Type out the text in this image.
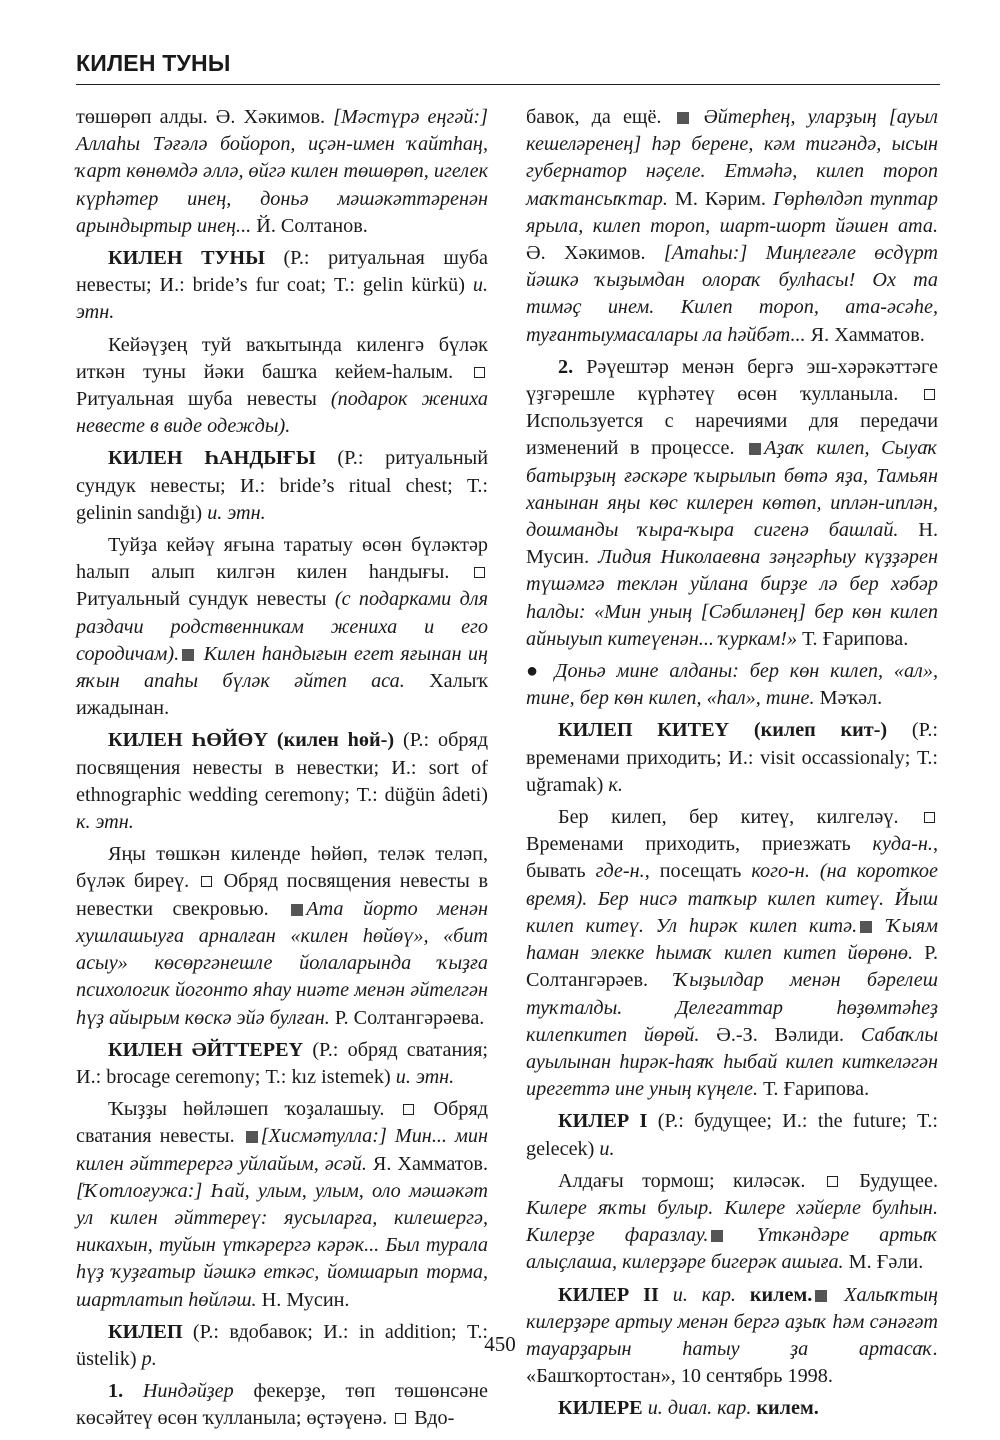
КИЛЕН ТУНЫ

төшөрөп алды. Ә. Хәкимов. [Мәстүрә еңгәй:] Аллаһы Тәғәлә бойороп, иҫән-имен ҡайтһаң, ҡарт көнөмдә әллә, өйгә килен төшөрөп, игелек күрһәтер инең, доньә мәшәкәттәренән арындыртыр инең... Й. Солтанов.

КИЛЕН ТУНЫ (Р.: ритуальная шуба невесты; И.: bride’s fur coat; Т.: gelin kürkü) и. этн.

Кейәүҙең туй ваҡытында киленгә бүләк иткән туны йәки башҡа кейем-һалым.  Ритуальная шуба невесты (подарок жениха невесте в виде одежды).

КИЛЕН ҺАНДЫҒЫ (Р.: ритуальный сундук невесты; И.: bride’s ritual chest; Т.: gelinin sandığı) и. этн.

Туйҙа кейәү яғына таратыу өсөн бүләктәр һалып алып килгән килен һандығы.  Ритуальный сундук невесты (с подарками для раздачи родственникам жениха и его сородичам). Килен һандығын егет яғынан иң яҡын апаһы бүләк әйтеп аса. Халыҡ ижадынан.

КИЛЕН ҺӨЙӨҮ (килен һөй-) (Р.: обряд посвящения невесты в невестки; И.: sort of ethnographic wedding ceremony; Т.: düğün âdeti) к. этн.

Яңы төшкән киленде һөйөп, теләк теләп, бүләк биреү.  Обряд посвящения невесты в невестки свекровью. Ата йорто менән хушлашыуға арналған «килен һөйөү», «бит асыу» көсөргәнешле йолаларында ҡыҙға психологик йогонто яһау ниәте менән әйтелгән һүҙ айырым көскә эйә булған. Р. Солтангәрәева.

КИЛЕН ӘЙТТЕРЕҮ (Р.: обряд сватания; И.: brocage ceremony; Т.: kız istemek) и. этн.

Ҡыҙҙы һөйләшеп ҡоҙалашыу.  Обряд сватания невесты. [Хисмәтулла:] Мин... мин килен әйттерергә уйлайым, әсәй. Я. Хамматов. [Ҡотлоғужа:] Һай, улым, улым, оло мәшәкәт ул килен әйттереү: яусыларға, килешергә, никахын, туйын үткәрергә кәрәк... Был турала һүҙ ҡуҙғатыр йәшкә еткәс, йомшарып торма, шартлатып һөйләш. Н. Мусин.

КИЛЕП (Р.: вдобавок; И.: in addition; Т.: üstelik) р.

1. Ниндәйҙер фекерҙе, төп төшөнсәне көсәйтеү өсөн ҡулланыла; өҫтәүенә.  Вдо-

бавок, да ещё.  Әйтерһең, уларҙың [ауыл кешеләренең] һәр берене, кәм тигәндә, ысын губернатор нәҫеле. Етмәһә, килеп тороп маҡтансыҡтар. М. Кәрим. Гөрһөлдәп туптар ярыла, килеп тороп, шарт-шорт йәшен ата. Ә. Хәкимов. [Атаһы:] Миңлеғәле өсдүрт йәшкә ҡыҙымдан олораҡ булһасы! Ох та тимәҫ инем. Килеп тороп, ата-әсәһе, туғантыумасалары ла һәйбәт... Я. Хамматов.

2. Рәүештәр менән бергә эш-хәрәкәттәге үҙгәрешле күрһәтеү өсөн ҡулланыла.  Используется с наречиями для передачи изменений в процессе. Аҙаҡ килеп, Сыуаҡ батырҙың ғәскәре ҡырылып бөтә яҙа, Тамьян ханынан яңы көс килерен көтөп, иплән-иплән, дошманды ҡыра-ҡыра сигенә башлай. Н. Мусин. Лидия Николаевна зәңгәрһыу күҙҙәрен түшәмгә теклән уйлана бирҙе лә бер хәбәр һалды: «Мин уның [Сәбиләнең] бер көн килеп айныуып китеүенән... ҡуркам!» Т. Ғарипова.

● Доньә мине алданы: бер көн килеп, «ал», тине, бер көн килеп, «һал», тине. Мәҡәл.

КИЛЕП КИТЕҮ (килеп кит-) (Р.: временами приходить; И.: visit occassionaly; Т.: uğramak) к.

Бер килеп, бер китеү, килгеләү.  Временами приходить, приезжать куда-н., бывать где-н., посещать кого-н. (на короткое время). Бер нисә тапҡыр килеп китеү. Йыш килеп китеү. Ул һирәк килеп китә. Ҡыям һаман элекке һымаҡ килеп китеп йөрөнө. Р. Солтангәрәев. Ҡыҙылдар менән бәрелеш туҡталды. Делегаттар һөҙөмтәһеҙ килепкитеп йөрөй. Ә.-З. Вәлиди. Сабаҡлы ауылынан һирәк-һаяҡ һыбай килеп киткеләгән ирегеттә ине уның күңеле. Т. Ғарипова.

КИЛЕР I (Р.: будущее; И.: the future; Т.: gelecek) и.

Алдағы тормош; киләсәк.  Будущее. Килере яҡты булыр. Килере хәйерле булһын. Килерҙе фаразлау. Үткәндәре артыҡ алыҫлаша, килерҙәре бигерәк ашыға. М. Ғәли.

КИЛЕР II и. кар. килем. Халыҡтың килерҙәре артыу менән бергә аҙыҡ һәм сәнәғәт тауарҙарын һатыу ҙа артасаҡ. «Башҡортостан», 10 сентябрь 1998.

КИЛЕРЕ и. диал. кар. килем.

450
